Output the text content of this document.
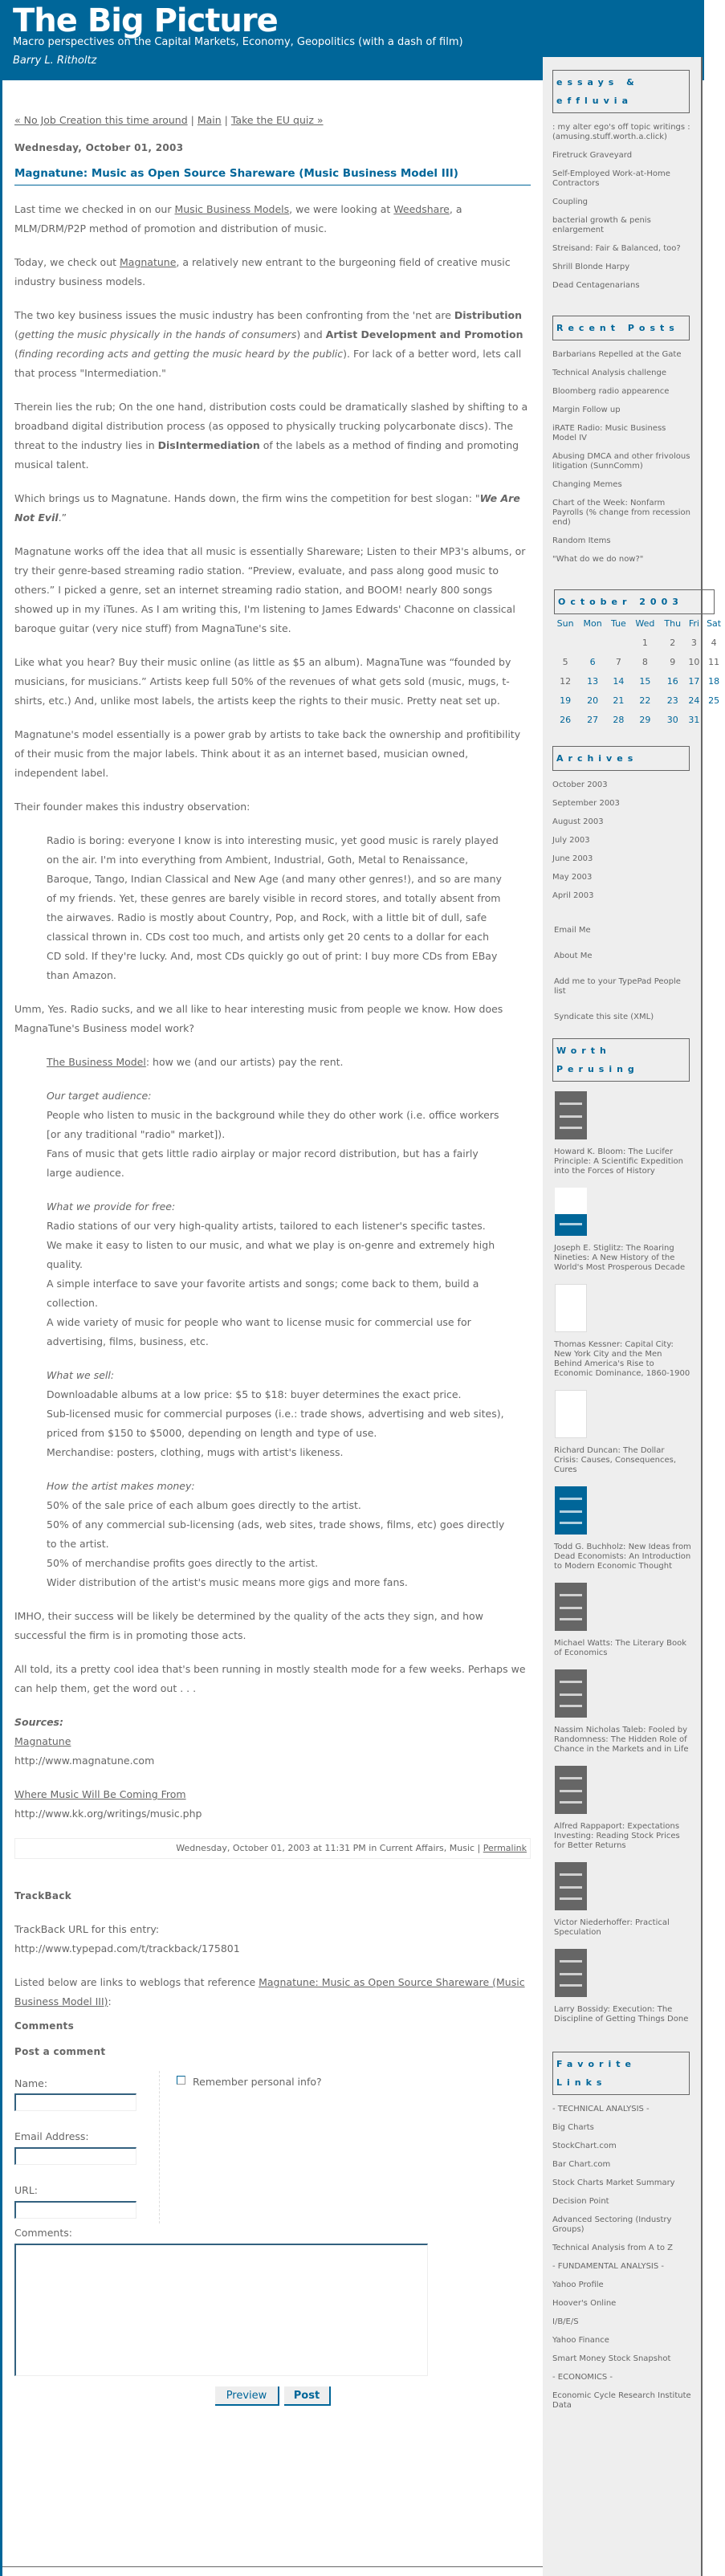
The Big Picture
Macro perspectives on the Capital Markets, Economy, Geopolitics (with a dash of film)
Barry L. Ritholtz
« No Job Creation this time around | Main | Take the EU quiz »
Wednesday, October 01, 2003
Magnatune: Music as Open Source Shareware (Music Business Model III)

Last time we checked in on our Music Business Models, we were looking at Weedshare, a MLM/DRM/P2P method of promotion and distribution of music.

Today, we check out Magnatune, a relatively new entrant to the burgeoning field of creative music industry business models.

The two key business issues the music industry has been confronting from the 'net are Distribution (getting the music physically in the hands of consumers) and Artist Development and Promotion (finding recording acts and getting the music heard by the public). For lack of a better word, lets call that process "Intermediation."

Therein lies the rub; On the one hand, distribution costs could be dramatically slashed by shifting to a broadband digital distribution process (as opposed to physically trucking polycarbonate discs). The threat to the industry lies in DisIntermediation of the labels as a method of finding and promoting musical talent.

Which brings us to Magnatune. Hands down, the firm wins the competition for best slogan: "We Are Not Evil.”

Magnatune works off the idea that all music is essentially Shareware; Listen to their MP3's albums, or try their genre-based streaming radio station. “Preview, evaluate, and pass along good music to others.” I picked a genre, set an internet streaming radio station, and BOOM! nearly 800 songs showed up in my iTunes. As I am writing this, I'm listening to James Edwards' Chaconne on classical baroque guitar (very nice stuff) from MagnaTune's site.

Like what you hear? Buy their music online (as little as $5 an album). MagnaTune was “founded by musicians, for musicians.” Artists keep full 50% of the revenues of what gets sold (music, mugs, t-shirts, etc.) And, unlike most labels, the artists keep the rights to their music. Pretty neat set up.

Magnatune's model essentially is a power grab by artists to take back the ownership and profitibility of their music from the major labels. Think about it as an internet based, musician owned, independent label.

Their founder makes this industry observation:

Radio is boring: everyone I know is into interesting music, yet good music is rarely played on the air. I'm into everything from Ambient, Industrial, Goth, Metal to Renaissance, Baroque, Tango, Indian Classical and New Age (and many other genres!), and so are many of my friends. Yet, these genres are barely visible in record stores, and totally absent from the airwaves. Radio is mostly about Country, Pop, and Rock, with a little bit of dull, safe classical thrown in. CDs cost too much, and artists only get 20 cents to a dollar for each CD sold. If they're lucky. And, most CDs quickly go out of print: I buy more CDs from EBay than Amazon.

Umm, Yes. Radio sucks, and we all like to hear interesting music from people we know. How does MagnaTune's Business model work?

The Business Model: how we (and our artists) pay the rent.

Our target audience:
People who listen to music in the background while they do other work (i.e. office workers [or any traditional "radio" market]).
Fans of music that gets little radio airplay or major record distribution, but has a fairly large audience.

What we provide for free:
Radio stations of our very high-quality artists, tailored to each listener's specific tastes.
We make it easy to listen to our music, and what we play is on-genre and extremely high quality.
A simple interface to save your favorite artists and songs; come back to them, build a collection.
A wide variety of music for people who want to license music for commercial use for advertising, films, business, etc.

What we sell:
Downloadable albums at a low price: $5 to $18: buyer determines the exact price.
Sub-licensed music for commercial purposes (i.e.: trade shows, advertising and web sites), priced from $150 to $5000, depending on length and type of use.
Merchandise: posters, clothing, mugs with artist's likeness.

How the artist makes money:
50% of the sale price of each album goes directly to the artist.
50% of any commercial sub-licensing (ads, web sites, trade shows, films, etc) goes directly to the artist.
50% of merchandise profits goes directly to the artist.
Wider distribution of the artist's music means more gigs and more fans.

IMHO, their success will be likely be determined by the quality of the acts they sign, and how successful the firm is in promoting those acts.

All told, its a pretty cool idea that's been running in mostly stealth mode for a few weeks. Perhaps we can help them, get the word out . . .

Sources:
Magnatune
http://www.magnatune.com

Where Music Will Be Coming From
http://www.kk.org/writings/music.php

Wednesday, October 01, 2003 at 11:31 PM in Current Affairs, Music | Permalink
TrackBack

TrackBack URL for this entry:
http://www.typepad.com/t/trackback/175801

Listed below are links to weblogs that reference Magnatune: Music as Open Source Shareware (Music Business Model III):

Comments
Post a comment
Name:
Email Address:
URL:
Remember personal info?
Comments:
Preview	Post
essays & effluvia
: my alter ego's off topic writings : (amusing.stuff.worth.a.click)
Firetruck Graveyard
Self-Employed Work-at-Home Contractors
Coupling
bacterial growth & penis enlargement
Streisand: Fair & Balanced, too?
Shrill Blonde Harpy
Dead Centagenarians
Recent Posts
Barbarians Repelled at the Gate
Technical Analysis challenge
Bloomberg radio appearence
Margin Follow up
iRATE Radio: Music Business Model IV
Abusing DMCA and other frivolous litigation (SunnComm)
Changing Memes
Chart of the Week: Nonfarm Payrolls (% change from recession end)
Random Items
"What do we do now?"
October 2003
Sun	Mon	Tue	Wed	Thu	Fri	Sat
			1	2	3	4
5	6	7	8	9	10	11
12	13	14	15	16	17	18
19	20	21	22	23	24	25
26	27	28	29	30	31	
Archives
October 2003
September 2003
August 2003
July 2003
June 2003
May 2003
April 2003
Email Me
About Me
Add me to your TypePad People list
Syndicate this site (XML)
Worth Perusing
Howard K. Bloom: The Lucifer Principle: A Scientific Expedition into the Forces of History
Joseph E. Stiglitz: The Roaring Nineties: A New History of the World's Most Prosperous Decade
Thomas Kessner: Capital City: New York City and the Men Behind America's Rise to Economic Dominance, 1860-1900
Richard Duncan: The Dollar Crisis: Causes, Consequences, Cures
Todd G. Buchholz: New Ideas from Dead Economists: An Introduction to Modern Economic Thought
Michael Watts: The Literary Book of Economics
Nassim Nicholas Taleb: Fooled by Randomness: The Hidden Role of Chance in the Markets and in Life
Alfred Rappaport: Expectations Investing: Reading Stock Prices for Better Returns
Victor Niederhoffer: Practical Speculation
Larry Bossidy: Execution: The Discipline of Getting Things Done
Favorite Links
- TECHNICAL ANALYSIS -
Big Charts
StockChart.com
Bar Chart.com
Stock Charts Market Summary
Decision Point
Advanced Sectoring (Industry Groups)
Technical Analysis from A to Z
- FUNDAMENTAL ANALYSIS -
Yahoo Profile
Hoover's Online
I/B/E/S
Yahoo Finance
Smart Money Stock Snapshot
- ECONOMICS -
Economic Cycle Research Institute Data
